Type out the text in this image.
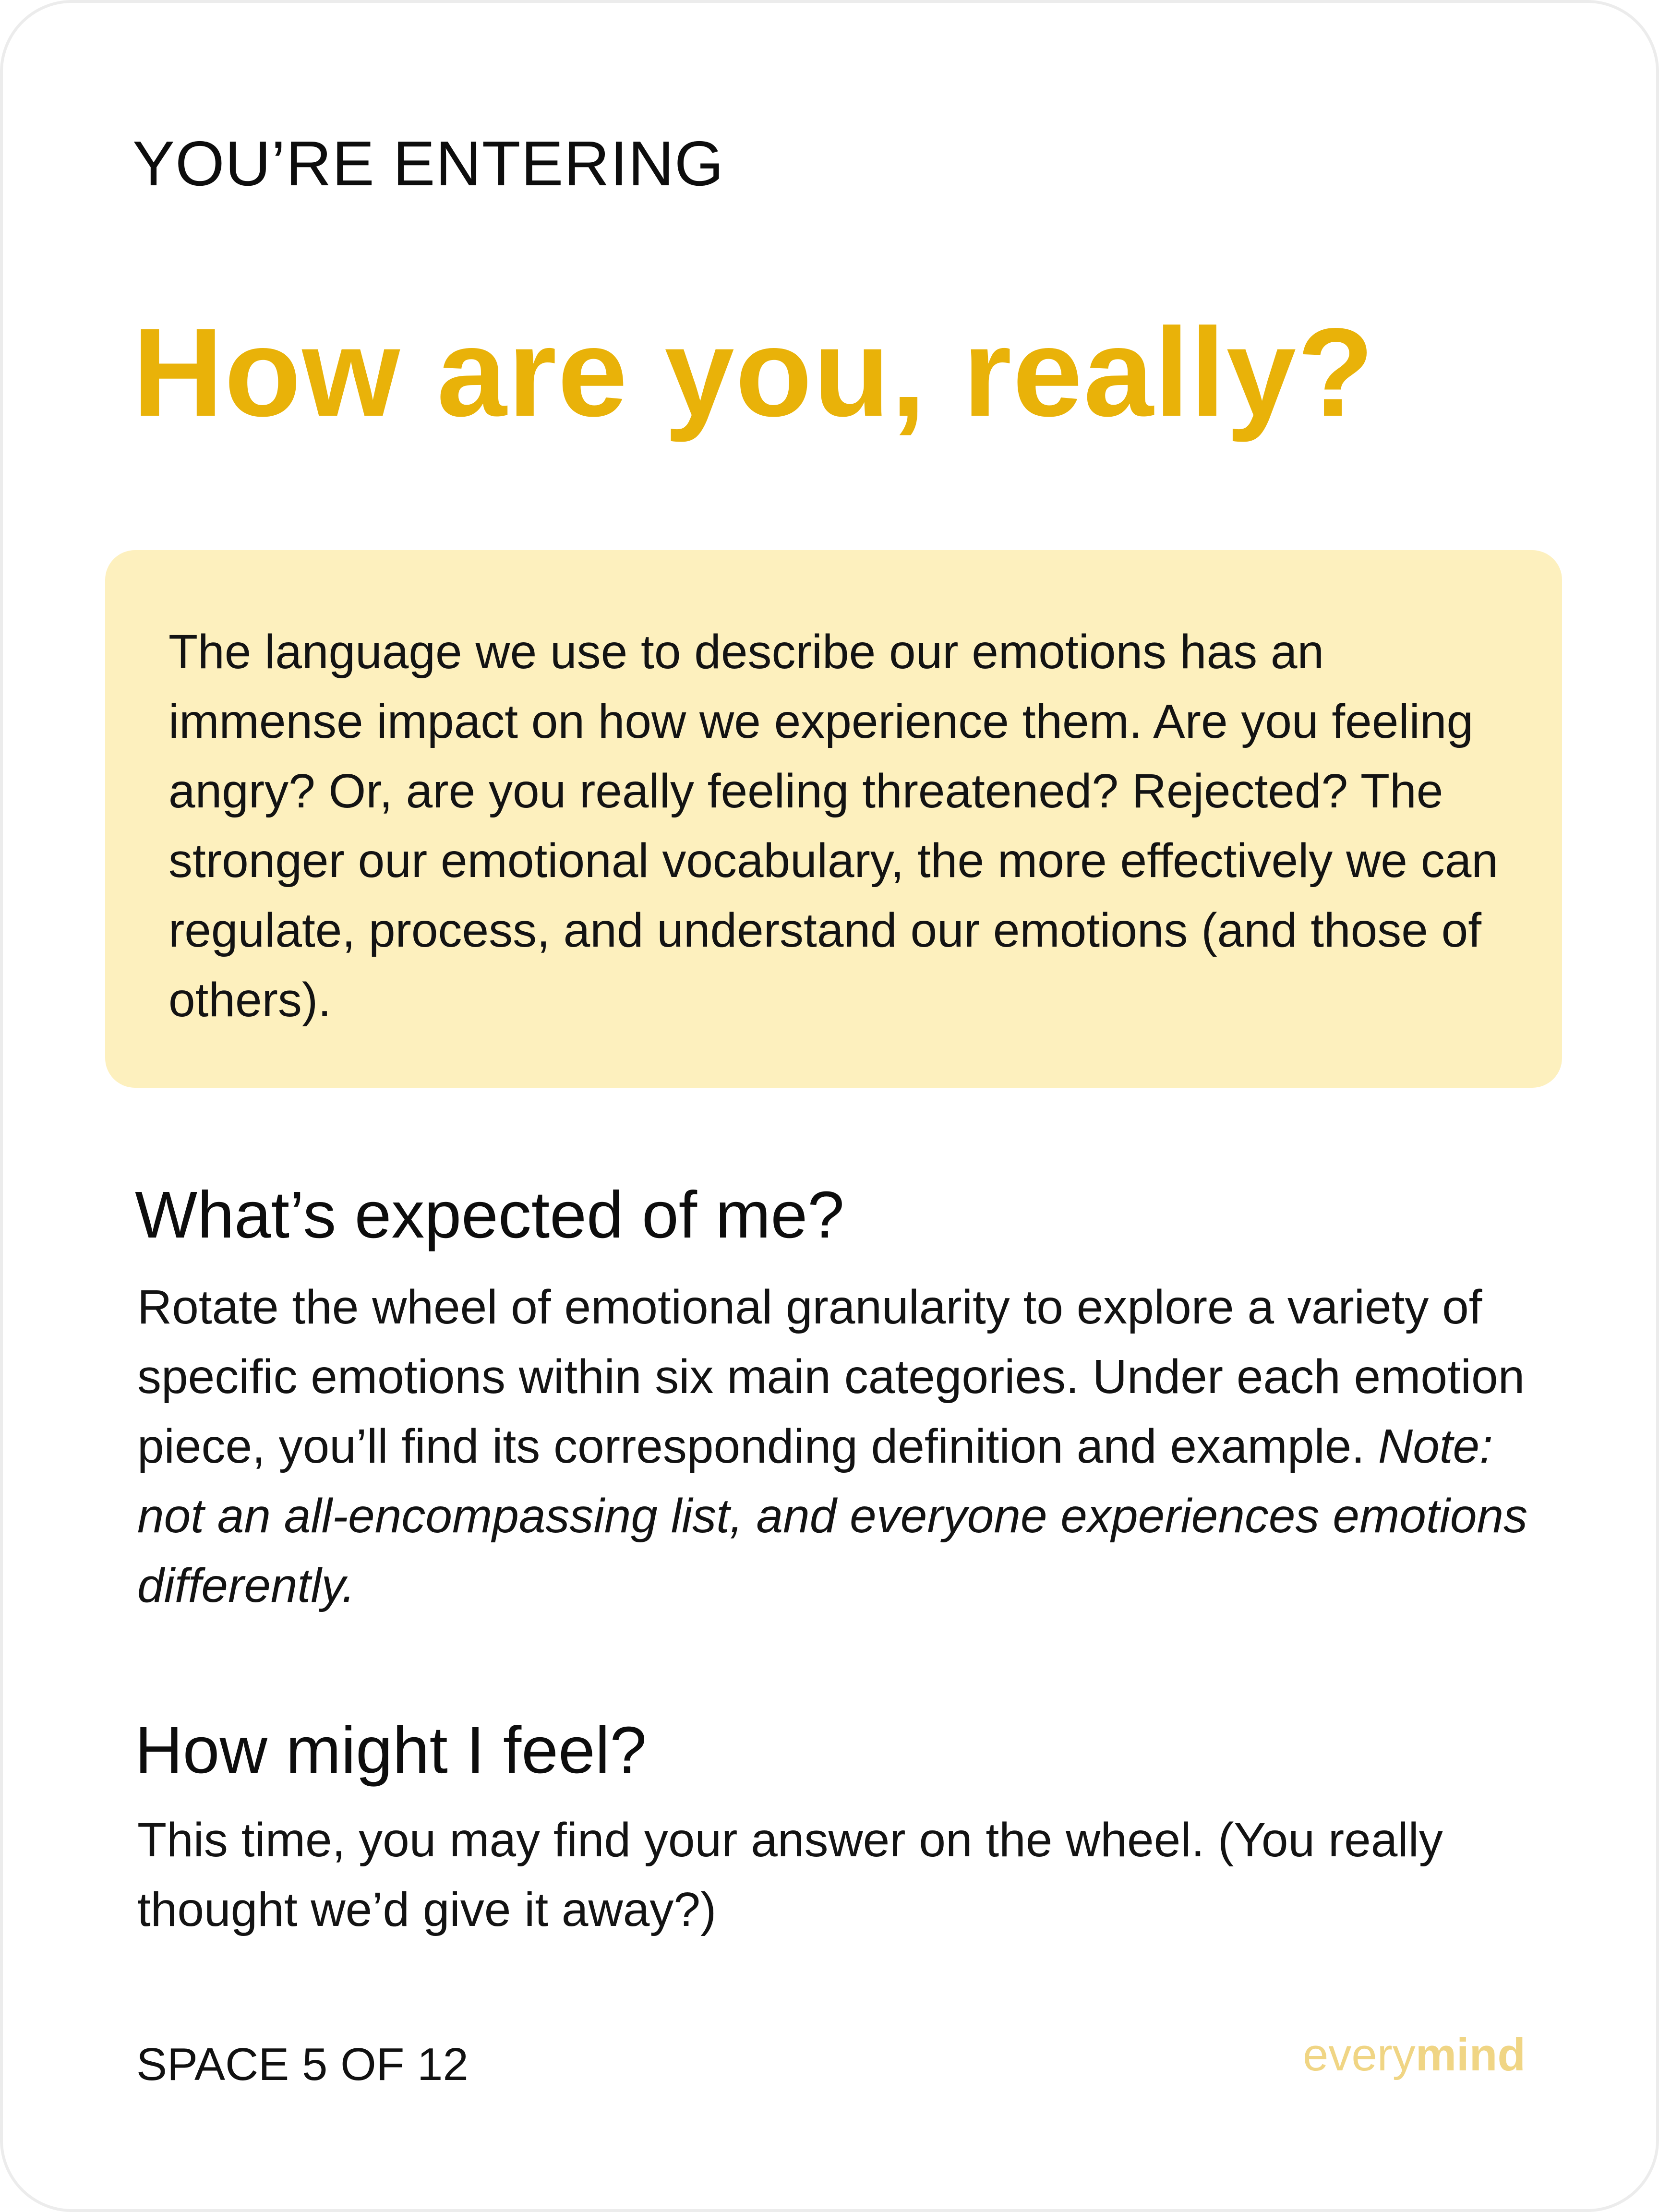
YOU’RE ENTERING
How are you, really?

The language we use to describe our emotions has an immense impact on how we experience them. Are you feeling angry? Or, are you really feeling threatened? Rejected? The stronger our emotional vocabulary, the more effectively we can regulate, process, and understand our emotions (and those of others).

What’s expected of me?

Rotate the wheel of emotional granularity to explore a variety of specific emotions within six main categories. Under each emotion piece, you’ll find its corresponding definition and example. Note: not an all-encompassing list, and everyone experiences emotions differently.

How might I feel?

This time, you may find your answer on the wheel. (You really thought we’d give it away?)

SPACE 5 OF 12	everymind
